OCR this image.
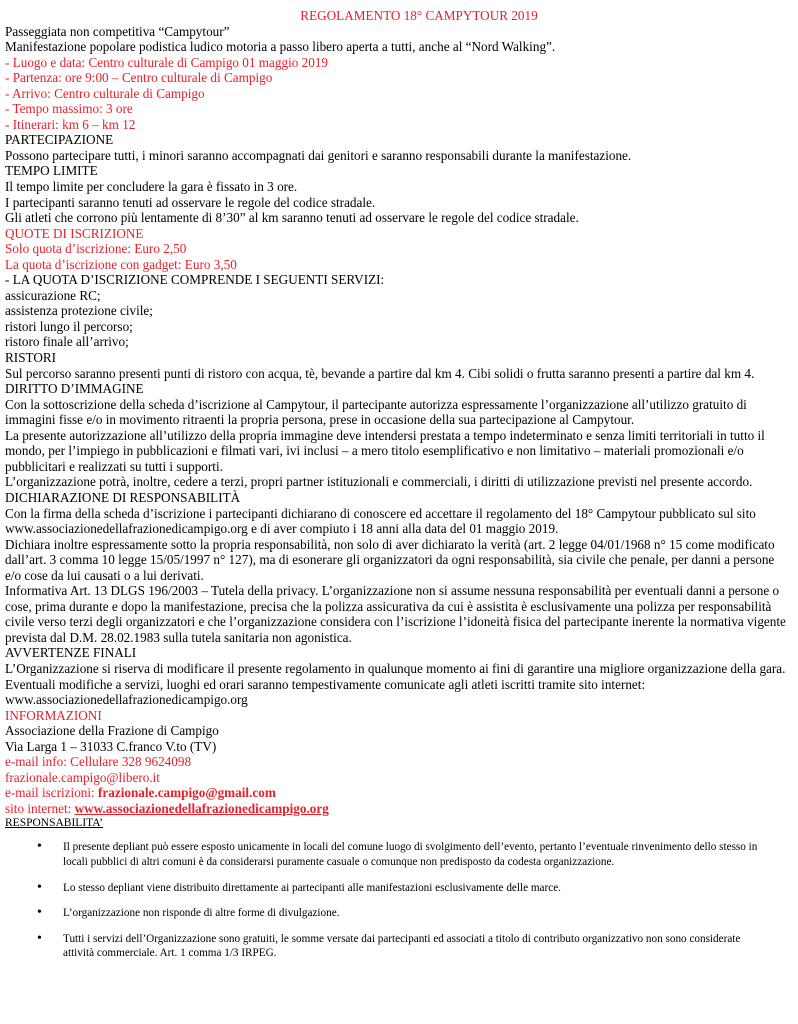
REGOLAMENTO 18° CAMPYTOUR 2019
Passeggiata non competitiva “Campytour”
Manifestazione popolare podistica ludico motoria a passo libero aperta a tutti, anche al “Nord Walking”.
- Luogo e data: Centro culturale di Campigo 01 maggio 2019
- Partenza: ore 9:00 – Centro culturale di Campigo
- Arrivo: Centro culturale di Campigo
- Tempo massimo: 3 ore
- Itinerari: km 6 – km 12
PARTECIPAZIONE
Possono partecipare tutti, i minori saranno accompagnati dai genitori e saranno responsabili durante la manifestazione.
TEMPO LIMITE
Il tempo limite per concludere la gara è fissato in 3 ore.
I partecipanti saranno tenuti ad osservare le regole del codice stradale.
Gli atleti che corrono più lentamente di 8’30” al km saranno tenuti ad osservare le regole del codice stradale.
QUOTE DI ISCRIZIONE
Solo quota d’iscrizione: Euro 2,50
La quota d’iscrizione con gadget: Euro 3,50
- LA QUOTA D’ISCRIZIONE COMPRENDE I SEGUENTI SERVIZI:
assicurazione RC;
assistenza protezione civile;
ristori lungo il percorso;
ristoro finale all’arrivo;
RISTORI
Sul percorso saranno presenti punti di ristoro con acqua, tè, bevande a partire dal km 4. Cibi solidi o frutta saranno presenti a partire dal km 4.
DIRITTO D’IMMAGINE
Con la sottoscrizione della scheda d’iscrizione al Campytour, il partecipante autorizza espressamente l’organizzazione all’utilizzo gratuito di immagini fisse e/o in movimento ritraenti la propria persona, prese in occasione della sua partecipazione al Campytour.
La presente autorizzazione all’utilizzo della propria immagine deve intendersi prestata a tempo indeterminato e senza limiti territoriali in tutto il mondo, per l’impiego in pubblicazioni e filmati vari, ivi inclusi – a mero titolo esemplificativo e non limitativo – materiali promozionali e/o pubblicitari e realizzati su tutti i supporti.
L’organizzazione potrà, inoltre, cedere a terzi, propri partner istituzionali e commerciali, i diritti di utilizzazione previsti nel presente accordo.
DICHIARAZIONE DI RESPONSABILITÀ
Con la firma della scheda d’iscrizione i partecipanti dichiarano di conoscere ed accettare il regolamento del 18° Campytour pubblicato sul sito www.associazionedellafrazionedicampigo.org e di aver compiuto i 18 anni alla data del 01 maggio 2019.
Dichiara inoltre espressamente sotto la propria responsabilità, non solo di aver dichiarato la verità (art. 2 legge 04/01/1968 n° 15 come modificato dall’art. 3 comma 10 legge 15/05/1997 n° 127), ma di esonerare gli organizzatori da ogni responsabilità, sia civile che penale, per danni a persone e/o cose da lui causati o a lui derivati.
Informativa Art. 13 DLGS 196/2003 – Tutela della privacy. L’organizzazione non si assume nessuna responsabilità per eventuali danni a persone o cose, prima durante e dopo la manifestazione, precisa che la polizza assicurativa da cui è assistita è esclusivamente una polizza per responsabilità civile verso terzi degli organizzatori e che l’organizzazione considera con l’iscrizione l’idoneità fisica del partecipante inerente la normativa vigente prevista dal D.M. 28.02.1983 sulla tutela sanitaria non agonistica.
AVVERTENZE FINALI
L’Organizzazione si riserva di modificare il presente regolamento in qualunque momento ai fini di garantire una migliore organizzazione della gara.
Eventuali modifiche a servizi, luoghi ed orari saranno tempestivamente comunicate agli atleti iscritti tramite sito internet: www.associazionedellafrazionedicampigo.org
INFORMAZIONI
Associazione della Frazione di Campigo
Via Larga 1 – 31033 C.franco V.to (TV)
e-mail info: Cellulare 328 9624098
frazionale.campigo@libero.it
e-mail iscrizioni: frazionale.campigo@gmail.com
sito internet: www.associazionedellafrazionedicampigo.org
RESPONSABILITA’
• Il presente depliant può essere esposto unicamente in locali del comune luogo di svolgimento dell’evento, pertanto l’eventuale rinvenimento dello stesso in locali pubblici di altri comuni è da considerarsi puramente casuale o comunque non predisposto da codesta organizzazione.
• Lo stesso depliant viene distribuito direttamente ai partecipanti alle manifestazioni esclusivamente delle marce.
• L’organizzazione non risponde di altre forme di divulgazione.
• Tutti i servizi dell’Organizzazione sono gratuiti, le somme versate dai partecipanti ed associati a titolo di contributo organizzativo non sono considerate attività commerciale. Art. 1 comma 1/3 IRPEG.
